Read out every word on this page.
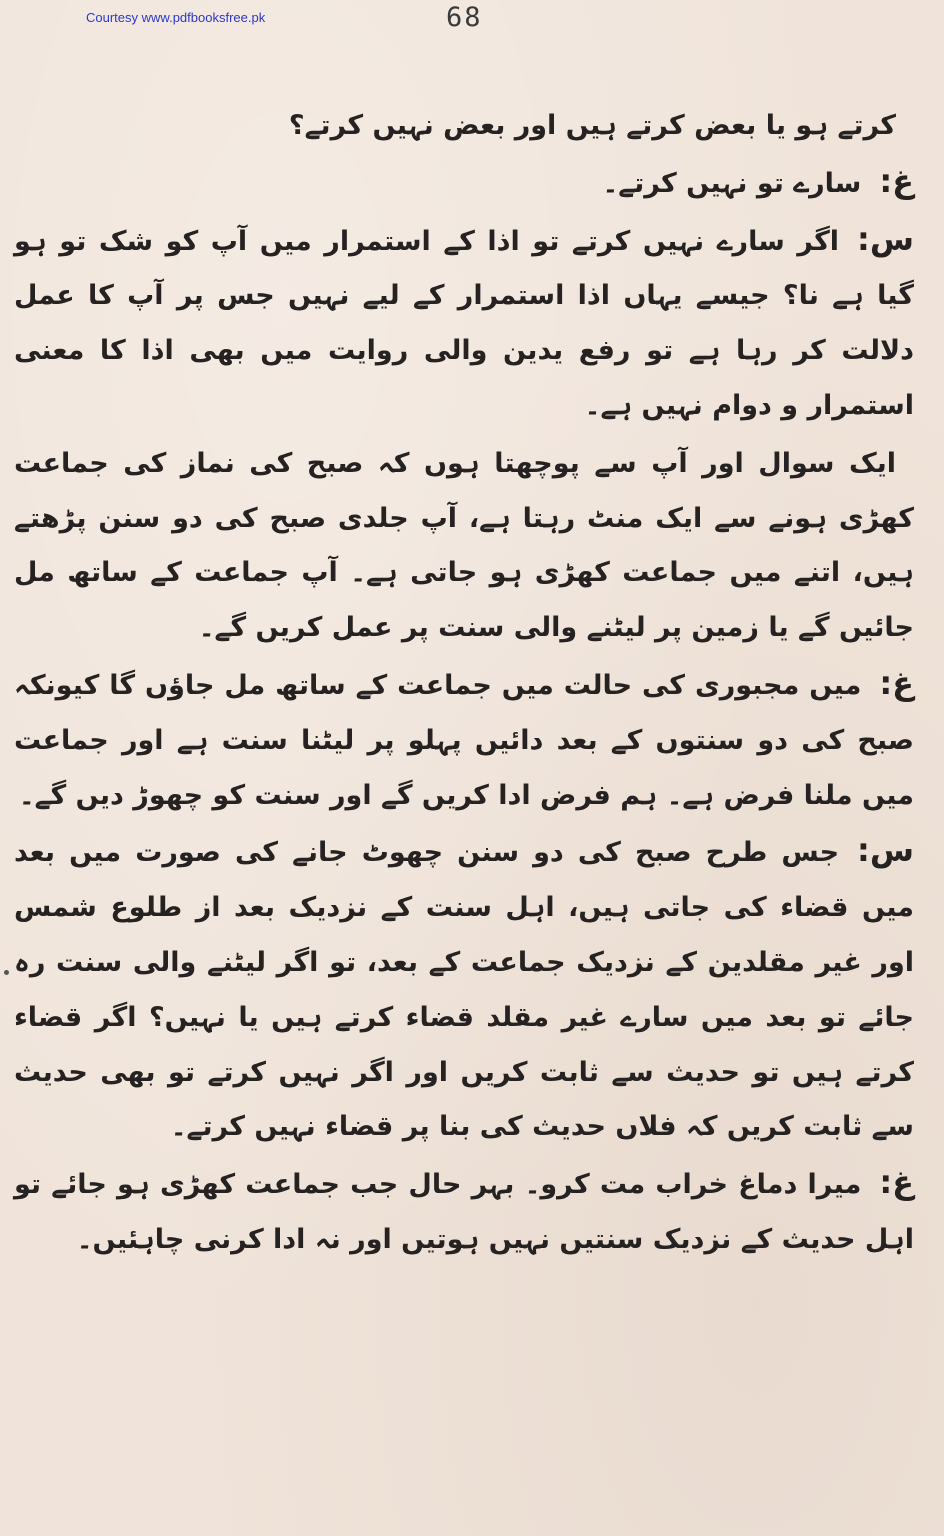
Courtesy www.pdfbooksfree.pk	68

کرتے ہو یا بعض کرتے ہیں اور بعض نہیں کرتے؟

غ:سارے تو نہیں کرتے۔

س:اگر سارے نہیں کرتے تو اذا کے استمرار میں آپ کو شک تو ہو گیا ہے نا؟ جیسے یہاں اذا استمرار کے لیے نہیں جس پر آپ کا عمل دلالت کر رہا ہے تو رفع یدین والی روایت میں بھی اذا کا معنی استمرار و دوام نہیں ہے۔

ایک سوال اور آپ سے پوچھتا ہوں کہ صبح کی نماز کی جماعت کھڑی ہونے سے ایک منٹ رہتا ہے، آپ جلدی صبح کی دو سنن پڑھتے ہیں، اتنے میں جماعت کھڑی ہو جاتی ہے۔ آپ جماعت کے ساتھ مل جائیں گے یا زمین پر لیٹنے والی سنت پر عمل کریں گے۔

غ:میں مجبوری کی حالت میں جماعت کے ساتھ مل جاؤں گا کیونکہ صبح کی دو سنتوں کے بعد دائیں پہلو پر لیٹنا سنت ہے اور جماعت میں ملنا فرض ہے۔ ہم فرض ادا کریں گے اور سنت کو چھوڑ دیں گے۔

س:جس طرح صبح کی دو سنن چھوٹ جانے کی صورت میں بعد میں قضاء کی جاتی ہیں، اہل سنت کے نزدیک بعد از طلوع شمس اور غیر مقلدین کے نزدیک جماعت کے بعد، تو اگر لیٹنے والی سنت رہ جائے تو بعد میں سارے غیر مقلد قضاء کرتے ہیں یا نہیں؟ اگر قضاء کرتے ہیں تو حدیث سے ثابت کریں اور اگر نہیں کرتے تو بھی حدیث سے ثابت کریں کہ فلاں حدیث کی بنا پر قضاء نہیں کرتے۔

غ:میرا دماغ خراب مت کرو۔ بہر حال جب جماعت کھڑی ہو جائے تو اہل حدیث کے نزدیک سنتیں نہیں ہوتیں اور نہ ادا کرنی چاہئیں۔
